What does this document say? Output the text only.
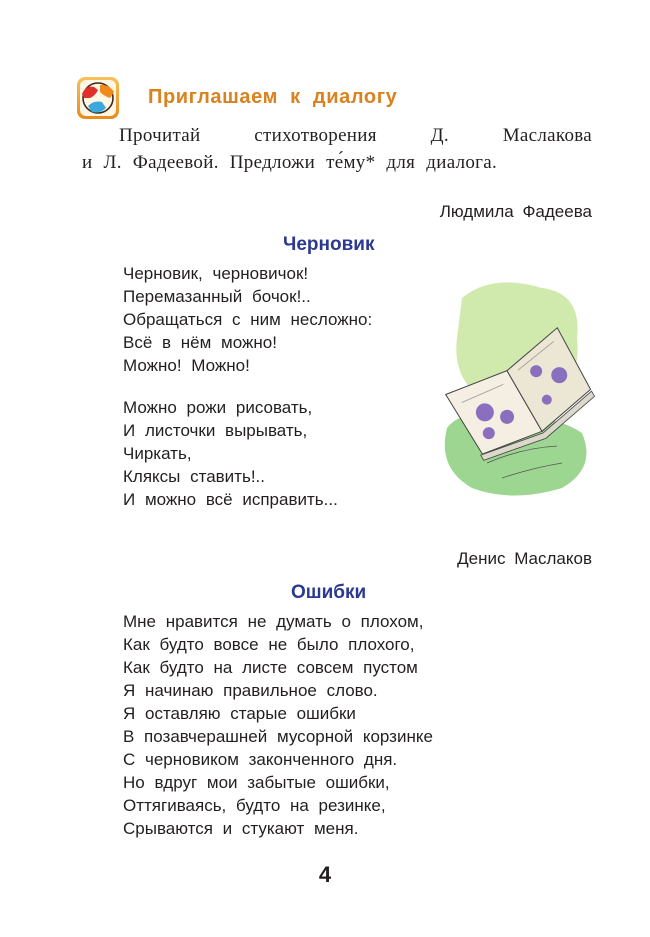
Приглашаем к диалогу
Прочитай стихотворения Д. Маслакова
и Л. Фадеевой. Предложи те́му* для диалога.
Людмила Фадеева
Черновик
Черновик, черновичок!
Перемазанный бочок!..
Обращаться с ним несложно:
Всё в нём можно!
Можно! Можно!
Можно рожи рисовать,
И листочки вырывать,
Чиркать,
Кляксы ставить!..
И можно всё исправить...
Денис Маслаков
Ошибки
Мне нравится не думать о плохом,
Как будто вовсе не было плохого,
Как будто на листе совсем пустом
Я начинаю правильное слово.
Я оставляю старые ошибки
В позавчерашней мусорной корзинке
С черновиком законченного дня.
Но вдруг мои забытые ошибки,
Оттягиваясь, будто на резинке,
Срываются и стукают меня.
4
